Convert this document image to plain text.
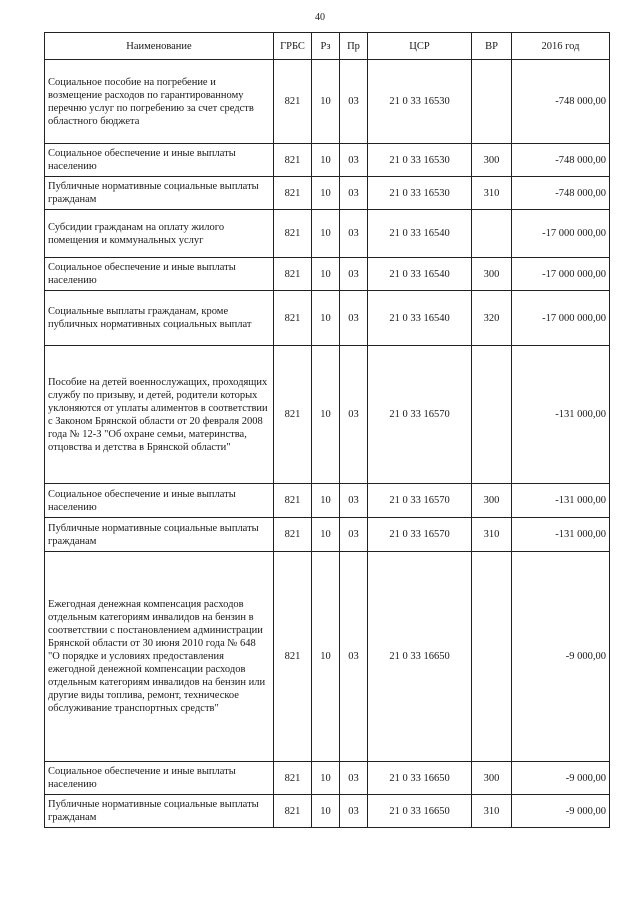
40
Наименование	ГРБС	Рз	Пр	ЦСР	ВР	2016 год
Социальное пособие на погребение и возмещение расходов по гарантированному перечню услуг по погребению за счет средств областного бюджета	821	10	03	21 0 33 16530		-748 000,00
Социальное обеспечение и иные выплаты населению	821	10	03	21 0 33 16530	300	-748 000,00
Публичные нормативные социальные выплаты гражданам	821	10	03	21 0 33 16530	310	-748 000,00
Субсидии гражданам на оплату жилого помещения и коммунальных услуг	821	10	03	21 0 33 16540		-17 000 000,00
Социальное обеспечение и иные выплаты населению	821	10	03	21 0 33 16540	300	-17 000 000,00
Социальные выплаты гражданам, кроме публичных нормативных социальных выплат	821	10	03	21 0 33 16540	320	-17 000 000,00
Пособие на детей военнослужащих, проходящих службу по призыву, и детей, родители которых уклоняются от уплаты алиментов в соответствии с Законом Брянской области от 20 февраля 2008 года № 12-З "Об охране семьи, материнства, отцовства и детства в Брянской области"	821	10	03	21 0 33 16570		-131 000,00
Социальное обеспечение и иные выплаты населению	821	10	03	21 0 33 16570	300	-131 000,00
Публичные нормативные социальные выплаты гражданам	821	10	03	21 0 33 16570	310	-131 000,00
Ежегодная денежная компенсация расходов отдельным категориям инвалидов на бензин в соответствии с постановлением администрации Брянской области от 30 июня 2010 года № 648 "О порядке и условиях предоставления ежегодной денежной компенсации расходов отдельным категориям инвалидов на бензин или другие виды топлива, ремонт, техническое обслуживание транспортных средств"	821	10	03	21 0 33 16650		-9 000,00
Социальное обеспечение и иные выплаты населению	821	10	03	21 0 33 16650	300	-9 000,00
Публичные нормативные социальные выплаты гражданам	821	10	03	21 0 33 16650	310	-9 000,00
